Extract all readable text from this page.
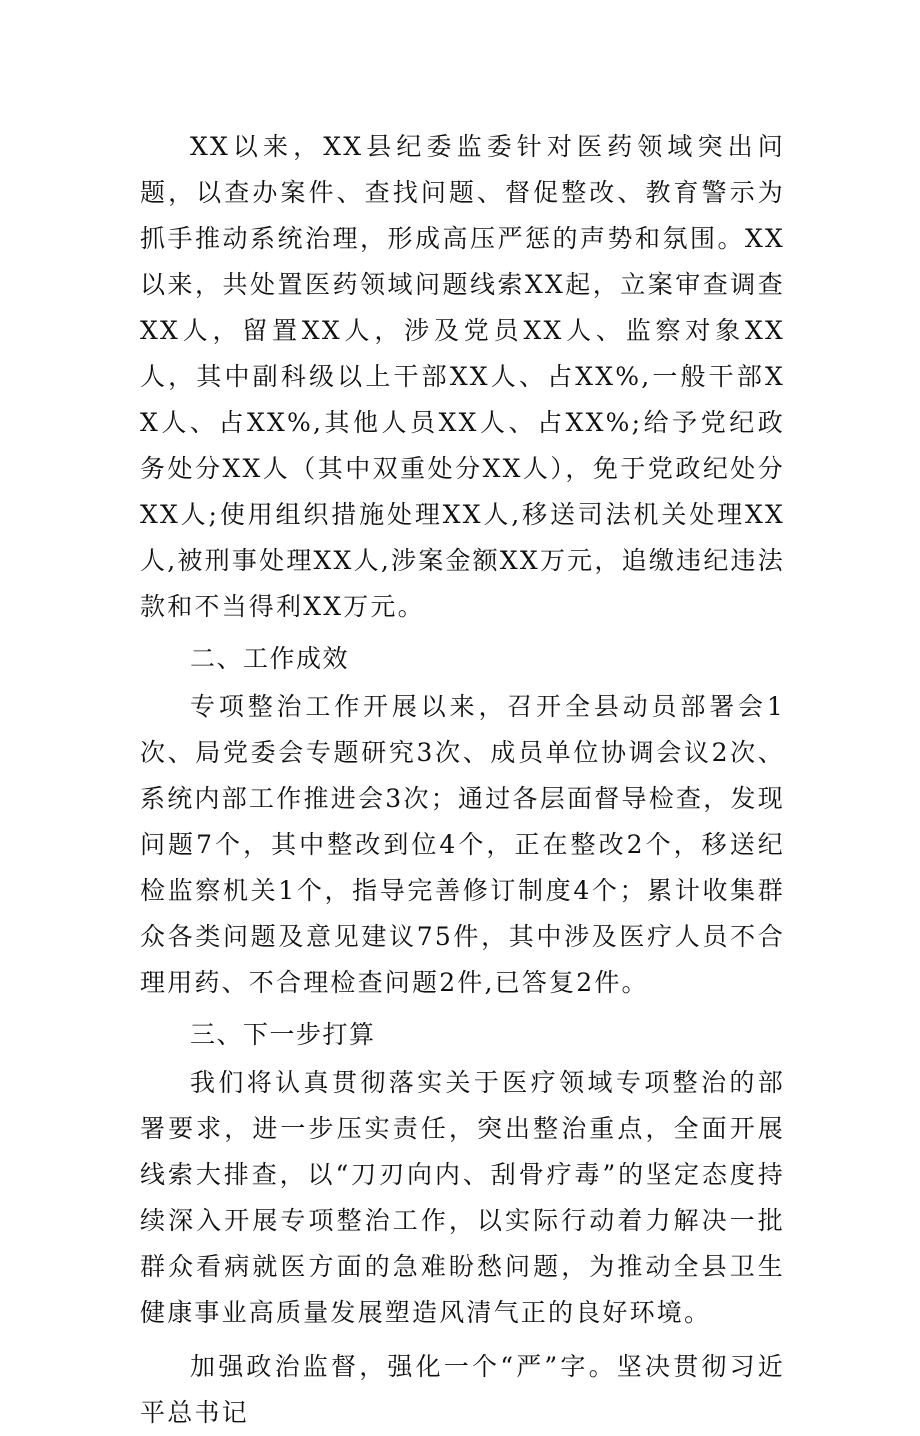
XX以来，XX县纪委监委针对医药领域突出问题，以查办案件、查找问题、督促整改、教育警示为抓手推动系统治理，形成高压严惩的声势和氛围。XX以来，共处置医药领域问题线索XX起，立案审查调查XX人，留置XX人，涉及党员XX人、监察对象XX人，其中副科级以上干部XX人、占XX%,一般干部XX人、占XX%,其他人员XX人、占XX%;给予党纪政务处分XX人（其中双重处分XX人），免于党政纪处分XX人;使用组织措施处理XX人,移送司法机关处理XX人,被刑事处理XX人,涉案金额XX万元，追缴违纪违法款和不当得利XX万元。

二、工作成效

专项整治工作开展以来，召开全县动员部署会1次、局党委会专题研究3次、成员单位协调会议2次、系统内部工作推进会3次；通过各层面督导检查，发现问题7个，其中整改到位4个，正在整改2个，移送纪检监察机关1个，指导完善修订制度4个；累计收集群众各类问题及意见建议75件，其中涉及医疗人员不合理用药、不合理检查问题2件,已答复2件。

三、下一步打算

我们将认真贯彻落实关于医疗领域专项整治的部署要求，进一步压实责任，突出整治重点，全面开展线索大排查，以“刀刃向内、刮骨疗毒”的坚定态度持续深入开展专项整治工作，以实际行动着力解决一批群众看病就医方面的急难盼愁问题，为推动全县卫生健康事业高质量发展塑造风清气正的良好环境。

加强政治监督，强化一个“严”字。坚决贯彻习近平总书记
